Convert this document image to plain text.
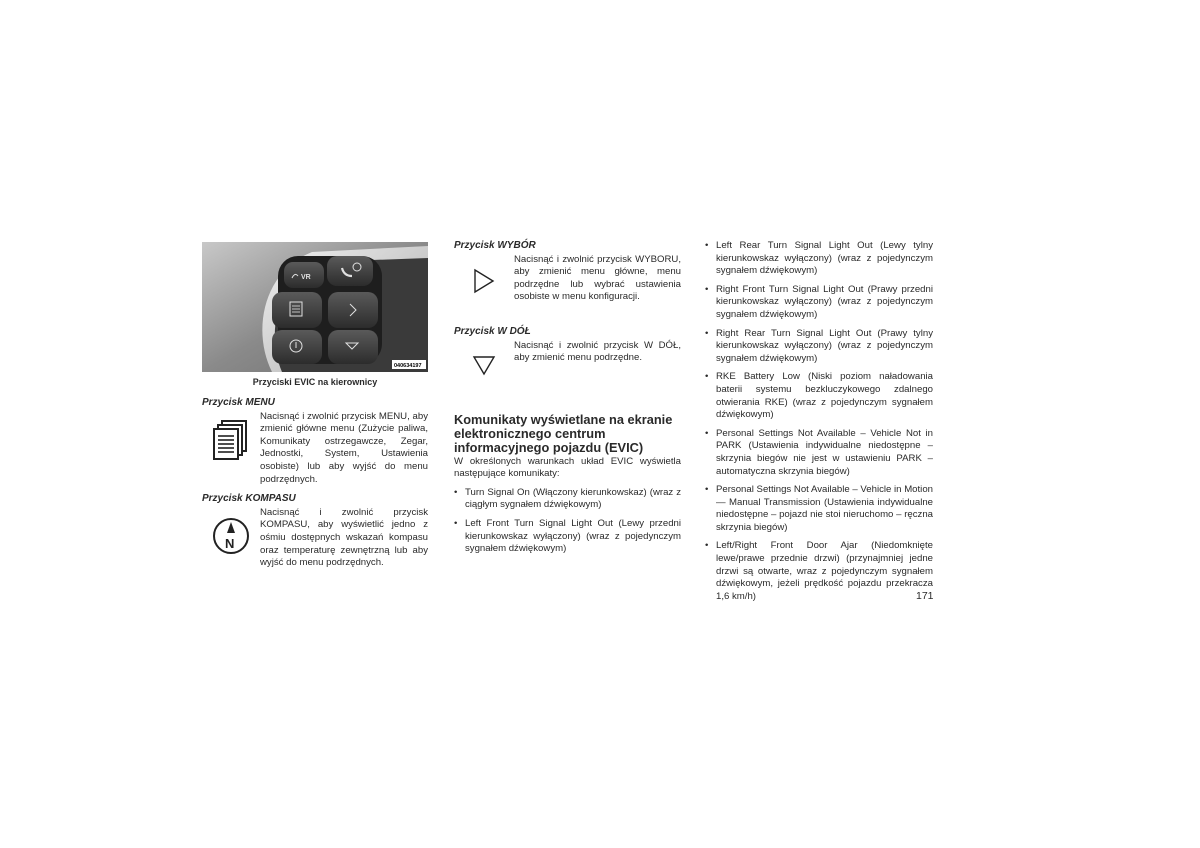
VR
040634197
Przyciski EVIC na kierownicy
Przycisk MENU
Nacisnąć i zwolnić przycisk MENU, aby zmienić główne menu (Zużycie paliwa, Komunikaty ostrzegawcze, Zegar, Jednostki, System, Ustawienia osobiste) lub aby wyjść do menu podrzędnych.
Przycisk KOMPASU
N
Nacisnąć i zwolnić przycisk KOMPASU, aby wyświetlić jedno z ośmiu dostępnych wskazań kompasu oraz temperaturę zewnętrzną lub aby wyjść do menu podrzędnych.
Przycisk WYBÓR
Nacisnąć i zwolnić przycisk WYBORU, aby zmienić menu główne, menu podrzędne lub wybrać ustawienia osobiste w menu konfiguracji.
Przycisk W DÓŁ
Nacisnąć i zwolnić przycisk W DÓŁ, aby zmienić menu podrzędne.
Komunikaty wyświetlane na ekranie elektronicznego centrum informacyjnego pojazdu (EVIC)
W określonych warunkach układ EVIC wyświetla następujące komunikaty:
• Turn Signal On (Włączony kierunkowskaz) (wraz z ciągłym sygnałem dźwiękowym)
• Left Front Turn Signal Light Out (Lewy przedni kierunkowskaz wyłączony) (wraz z pojedynczym sygnałem dźwiękowym)
• Left Rear Turn Signal Light Out (Lewy tylny kierunkowskaz wyłączony) (wraz z pojedynczym sygnałem dźwiękowym)
• Right Front Turn Signal Light Out (Prawy przedni kierunkowskaz wyłączony) (wraz z pojedynczym sygnałem dźwiękowym)
• Right Rear Turn Signal Light Out (Prawy tylny kierunkowskaz wyłączony) (wraz z pojedynczym sygnałem dźwiękowym)
• RKE Battery Low (Niski poziom naładowania baterii systemu bezkluczykowego zdalnego otwierania RKE) (wraz z pojedynczym sygnałem dźwiękowym)
• Personal Settings Not Available – Vehicle Not in PARK (Ustawienia indywidualne niedostępne – skrzynia biegów nie jest w ustawieniu PARK – automatyczna skrzynia biegów)
• Personal Settings Not Available – Vehicle in Motion — Manual Transmission (Ustawienia indywidualne niedostępne – pojazd nie stoi nieruchomo – ręczna skrzynia biegów)
• Left/Right Front Door Ajar (Niedomknięte lewe/prawe przednie drzwi) (przynajmniej jedne drzwi są otwarte, wraz z pojedynczym sygnałem dźwiękowym, jeżeli prędkość pojazdu przekracza 1,6 km/h)	171
